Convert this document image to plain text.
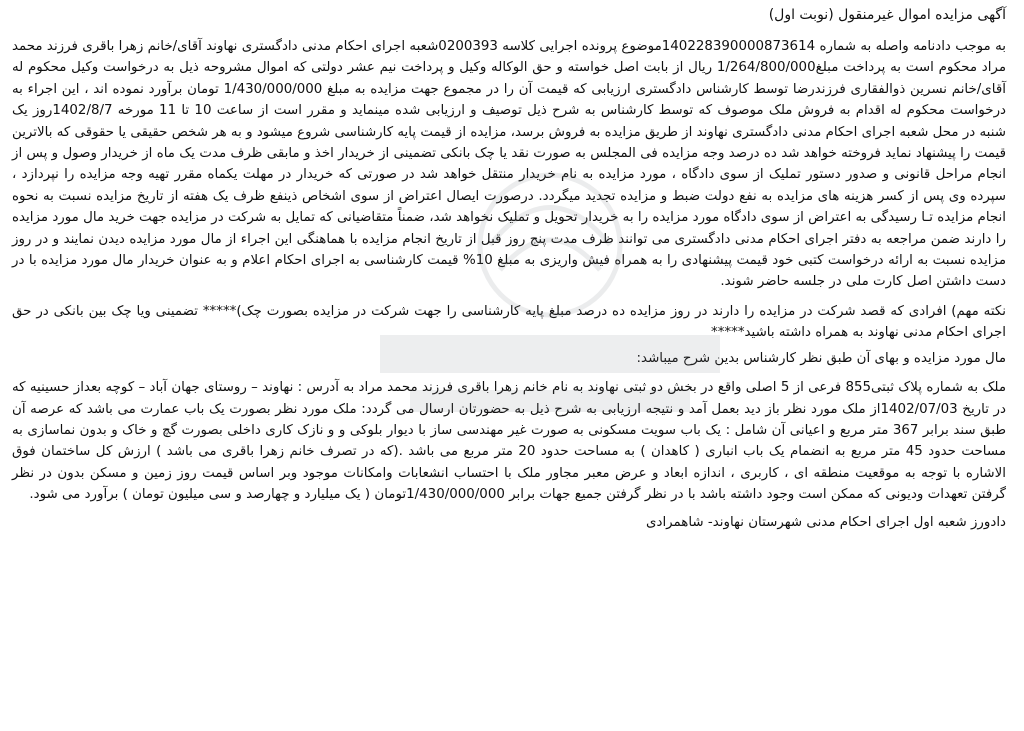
آگهی مزایده اموال غیرمنقول (نوبت اول)

به موجب دادنامه واصله به شماره 140228390000873614موضوع پرونده اجرایی کلاسه 0200393شعبه اجرای احکام مدنی دادگستری نهاوند آقای/خانم زهرا باقری فرزند محمد مراد محکوم است به پرداخت مبلغ1/264/800/000 ریال از بابت اصل خواسته و حق الوکاله وکیل و پرداخت نیم عشر دولتی که اموال مشروحه ذیل به درخواست وکیل محکوم له آقای/خانم نسرین ذوالفقاری فرزندرضا توسط کارشناس دادگستری ارزیابی که قیمت آن را در مجموع جهت مزایده به مبلغ 1/430/000/000 تومان برآورد نموده اند ، این اجراء به درخواست محکوم له اقدام به فروش ملک موصوف که توسط کارشناس به شرح ذیل توصیف و ارزیابی شده مینماید و مقرر است از ساعت 10 تا 11 مورخه 1402/8/7روز یک شنبه در محل شعبه اجرای احکام مدنی دادگستری نهاوند از طریق مزایده به فروش برسد، مزایده از قیمت پایه کارشناسی شروع میشود و به هر شخص حقیقی یا حقوقی که بالاترین قیمت را پیشنهاد نماید فروخته خواهد شد ده درصد وجه مزایده فی المجلس به صورت نقد یا چک بانکی تضمینی از خریدار اخذ و مابقی ظرف مدت یک ماه از خریدار وصول و پس از انجام مراحل قانونی و صدور دستور تملیک از سوی دادگاه ، مورد مزایده به نام خریدار منتقل خواهد شد در صورتی که خریدار در مهلت یکماه مقرر تهیه وجه مزایده را نپردازد ، سپرده وی پس از کسر هزینه های مزایده به نفع دولت ضبط و مزایده تجدید میگردد. درصورت ایصال اعتراض از سوی اشخاص ذینفع ظرف یک هفته از تاریخ مزایده نسبت به نحوه انجام مزایده تـا رسیدگی به اعتراض از سوی دادگاه مورد مزایده را به خریدار تحویل و تملیک نخواهد شد، ضمناً متقاضیانی که تمایل به شرکت در مزایده جهت خرید مال مورد مزایده را دارند ضمن مراجعه به دفتر اجرای احکام مدنی دادگستری می توانند ظرف مدت پنج روز قبل از تاریخ انجام مزایده با هماهنگی این اجراء از مال مورد مزایده دیدن نمایند و در روز مزایده نسبت به ارائه درخواست کتبی خود قیمت پیشنهادی را به همراه فیش واریزی به مبلغ 10% قیمت کارشناسی به اجرای احکام اعلام و به عنوان خریدار مال مورد مزایده با در دست داشتن اصل کارت ملی در جلسه حاضر شوند.

نکته مهم) افرادی که قصد شرکت در مزایده را دارند در روز مزایده ده درصد مبلغ پایه کارشناسی را جهت شرکت در مزایده بصورت چک)***** تضمینی ویا چک بین بانکی در حق اجرای احکام مدنی نهاوند به همراه داشته باشید*****

مال مورد مزایده و بهای آن طبق نظر کارشناس بدین شرح میباشد:

ملک به شماره پلاک ثبتی855 فرعی از 5 اصلی واقع در بخش دو ثبتی نهاوند به نام خانم زهرا باقری فرزند محمد مراد به آدرس : نهاوند – روستای جهان آباد – کوچه بعداز حسینیه که در تاریخ 1402/07/03از ملک مورد نظر باز دید بعمل آمد و نتیجه ارزیابی به شرح ذیل به حضورتان ارسال می گردد: ملک مورد نظر بصورت یک باب عمارت می باشد که عرصه آن طبق سند برابر 367 متر مربع و اعیانی آن شامل : یک باب سویت مسکونی به صورت غیر مهندسی ساز با دیوار بلوکی و و نازک کاری داخلی بصورت گچ و خاک و بدون نماسازی به مساحت حدود 45 متر مربع به انضمام یک باب انباری ( کاهدان ) به مساحت حدود 20 متر مربع می باشد .(که در تصرف خانم زهرا باقری می باشد ) ارزش کل ساختمان فوق الاشاره با توجه به موقعیت منطقه ای ، کاربری ، اندازه ابعاد و عرض معبر مجاور ملک با احتساب انشعابات وامکانات موجود وبر اساس قیمت روز زمین و مسکن بدون در نظر گرفتن تعهدات ودیونی که ممکن است وجود داشته باشد با در نظر گرفتن جمیع جهات برابر 1/430/000/000تومان ( یک میلیارد و چهارصد و سی میلیون تومان ) برآورد می شود.

دادورز شعبه اول اجرای احکام مدنی شهرستان نهاوند- شاهمرادی
